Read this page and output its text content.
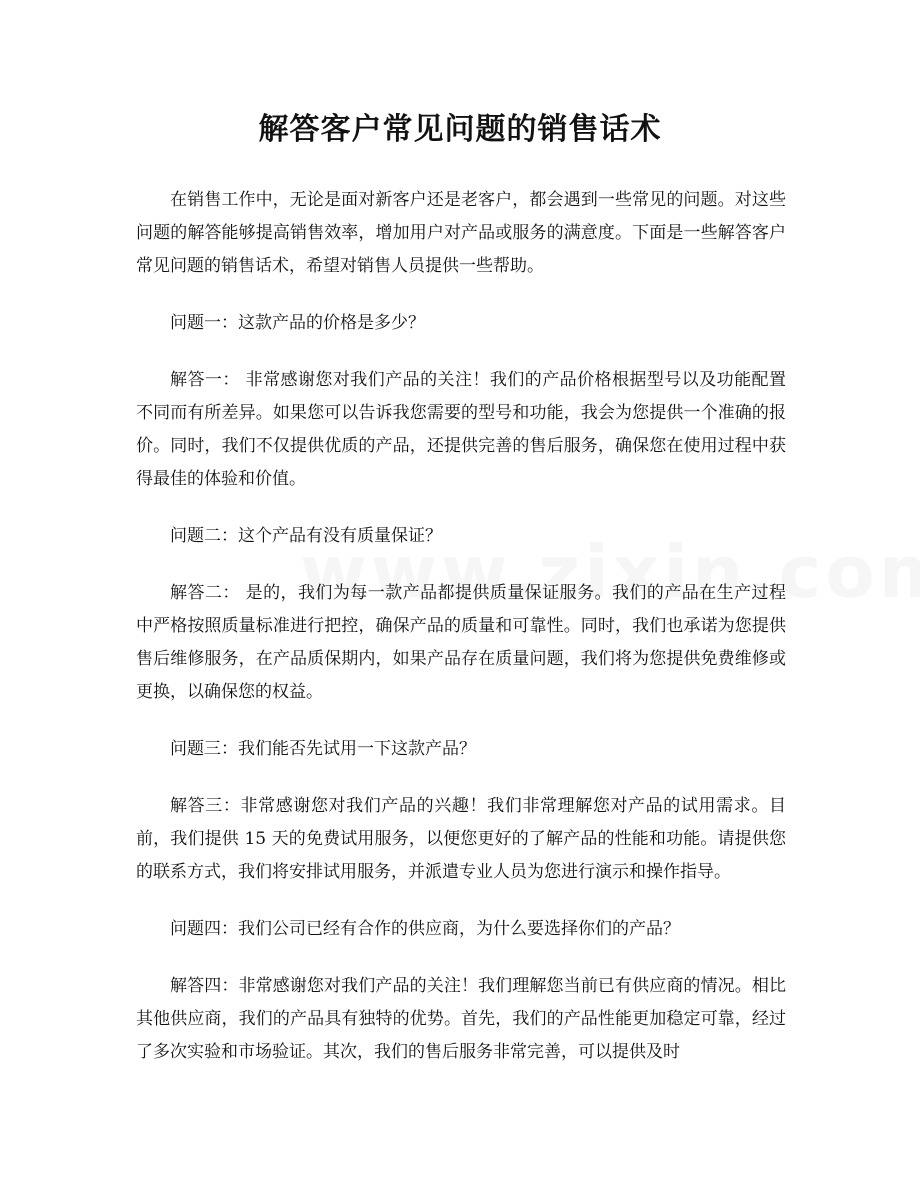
解答客户常见问题的销售话术

在销售工作中，无论是面对新客户还是老客户，都会遇到一些常见的问题。对这些问题的解答能够提高销售效率，增加用户对产品或服务的满意度。下面是一些解答客户常见问题的销售话术，希望对销售人员提供一些帮助。

问题一：这款产品的价格是多少？

解答一： 非常感谢您对我们产品的关注！我们的产品价格根据型号以及功能配置不同而有所差异。如果您可以告诉我您需要的型号和功能，我会为您提供一个准确的报价。同时，我们不仅提供优质的产品，还提供完善的售后服务，确保您在使用过程中获得最佳的体验和价值。

问题二：这个产品有没有质量保证？

解答二： 是的，我们为每一款产品都提供质量保证服务。我们的产品在生产过程中严格按照质量标准进行把控，确保产品的质量和可靠性。同时，我们也承诺为您提供售后维修服务，在产品质保期内，如果产品存在质量问题，我们将为您提供免费维修或更换，以确保您的权益。

问题三：我们能否先试用一下这款产品？

解答三：非常感谢您对我们产品的兴趣！我们非常理解您对产品的试用需求。目前，我们提供 15 天的免费试用服务，以便您更好的了解产品的性能和功能。请提供您的联系方式，我们将安排试用服务，并派遣专业人员为您进行演示和操作指导。

问题四：我们公司已经有合作的供应商，为什么要选择你们的产品？

解答四：非常感谢您对我们产品的关注！我们理解您当前已有供应商的情况。相比其他供应商，我们的产品具有独特的优势。首先，我们的产品性能更加稳定可靠，经过了多次实验和市场验证。其次，我们的售后服务非常完善，可以提供及时
